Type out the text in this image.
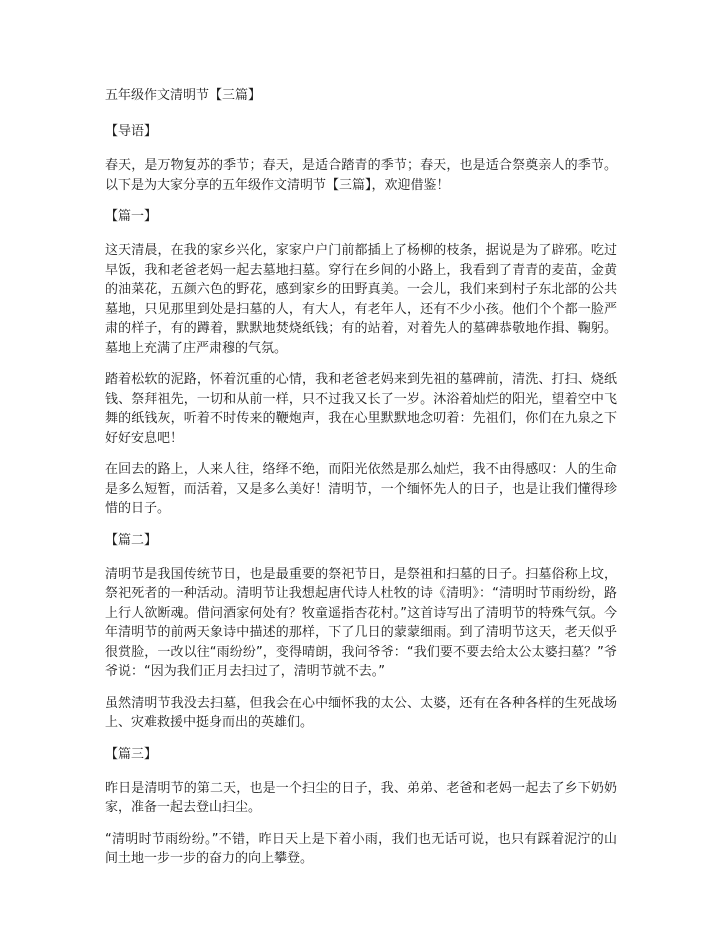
五年级作文清明节【三篇】
【导语】

春天，是万物复苏的季节；春天，是适合踏青的季节；春天，也是适合祭奠亲人的季节。以下是为大家分享的五年级作文清明节【三篇】，欢迎借鉴！

【篇一】

这天清晨，在我的家乡兴化，家家户户门前都插上了杨柳的枝条，据说是为了辟邪。吃过早饭，我和老爸老妈一起去墓地扫墓。穿行在乡间的小路上，我看到了青青的麦苗，金黄的油菜花，五颜六色的野花，感到家乡的田野真美。一会儿，我们来到村子东北部的公共墓地，只见那里到处是扫墓的人，有大人，有老年人，还有不少小孩。他们个个都一脸严肃的样子，有的蹲着，默默地焚烧纸钱；有的站着，对着先人的墓碑恭敬地作揖、鞠躬。墓地上充满了庄严肃穆的气氛。

踏着松软的泥路，怀着沉重的心情，我和老爸老妈来到先祖的墓碑前，清洗、打扫、烧纸钱、祭拜祖先，一切和从前一样，只不过我又长了一岁。沐浴着灿烂的阳光，望着空中飞舞的纸钱灰，听着不时传来的鞭炮声，我在心里默默地念叨着：先祖们，你们在九泉之下好好安息吧！

在回去的路上，人来人往，络绎不绝，而阳光依然是那么灿烂，我不由得感叹：人的生命是多么短暂，而活着，又是多么美好！清明节，一个缅怀先人的日子，也是让我们懂得珍惜的日子。

【篇二】

清明节是我国传统节日，也是最重要的祭祀节日，是祭祖和扫墓的日子。扫墓俗称上坟，祭祀死者的一种活动。清明节让我想起唐代诗人杜牧的诗《清明》：“清明时节雨纷纷，路上行人欲断魂。借问酒家何处有？牧童遥指杏花村。”这首诗写出了清明节的特殊气氛。今年清明节的前两天象诗中描述的那样，下了几日的蒙蒙细雨。到了清明节这天，老天似乎很赏脸，一改以往“雨纷纷”，变得晴朗，我问爷爷：“我们要不要去给太公太婆扫墓？”爷爷说：“因为我们正月去扫过了，清明节就不去。”

虽然清明节我没去扫墓，但我会在心中缅怀我的太公、太婆，还有在各种各样的生死战场上、灾难救援中挺身而出的英雄们。

【篇三】

昨日是清明节的第二天，也是一个扫尘的日子，我、弟弟、老爸和老妈一起去了乡下奶奶家，准备一起去登山扫尘。

“清明时节雨纷纷。”不错，昨日天上是下着小雨，我们也无话可说，也只有踩着泥泞的山间土地一步一步的奋力的向上攀登。
